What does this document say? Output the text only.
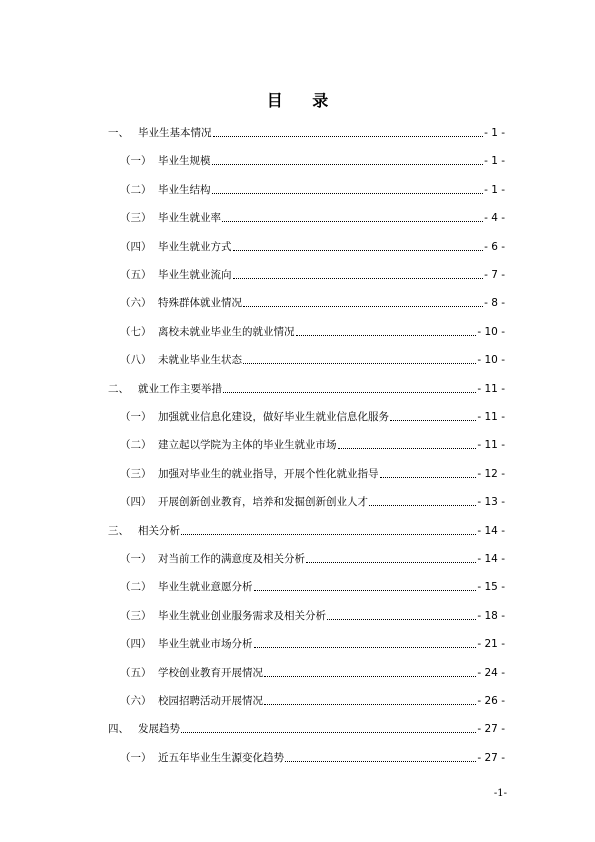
目 录
一、 毕业生基本情况	- 1 -
（一） 毕业生规模	- 1 -
（二） 毕业生结构	- 1 -
（三） 毕业生就业率	- 4 -
（四） 毕业生就业方式	- 6 -
（五） 毕业生就业流向	- 7 -
（六） 特殊群体就业情况	- 8 -
（七） 离校未就业毕业生的就业情况	- 10 -
（八） 未就业毕业生状态	- 10 -
二、 就业工作主要举措	- 11 -
（一） 加强就业信息化建设，做好毕业生就业信息化服务	- 11 -
（二） 建立起以学院为主体的毕业生就业市场	- 11 -
（三） 加强对毕业生的就业指导，开展个性化就业指导	- 12 -
（四） 开展创新创业教育，培养和发掘创新创业人才	- 13 -
三、 相关分析	- 14 -
（一） 对当前工作的满意度及相关分析	- 14 -
（二） 毕业生就业意愿分析	- 15 -
（三） 毕业生就业创业服务需求及相关分析	- 18 -
（四） 毕业生就业市场分析	- 21 -
（五） 学校创业教育开展情况	- 24 -
（六） 校园招聘活动开展情况	- 26 -
四、 发展趋势	- 27 -
（一） 近五年毕业生生源变化趋势	- 27 -
-1-
